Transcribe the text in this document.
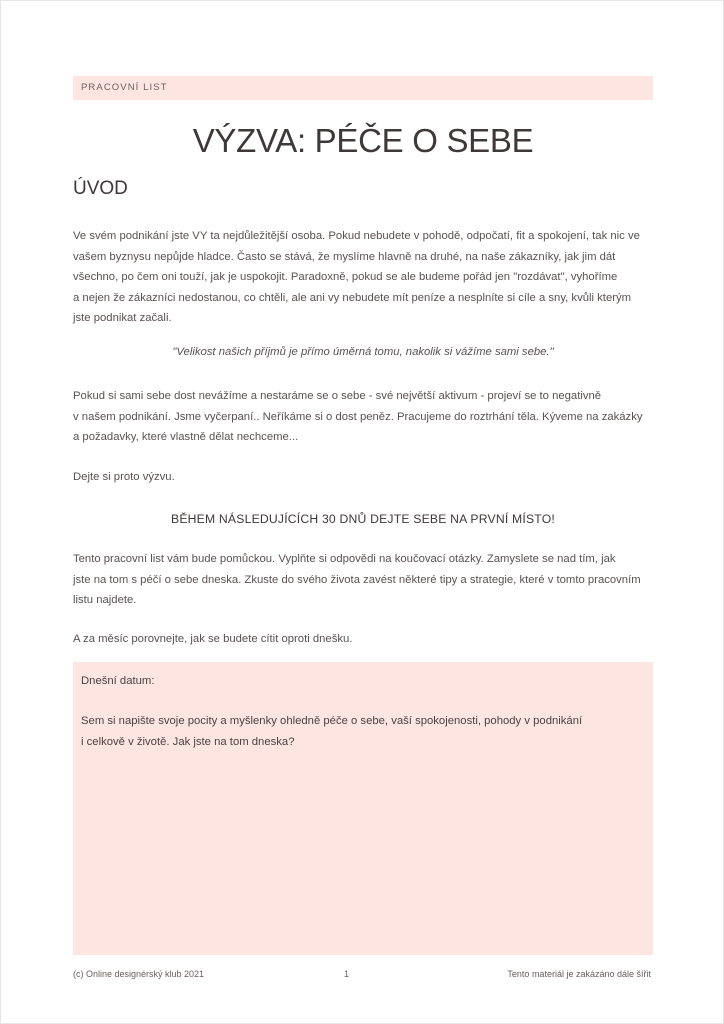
PRACOVNÍ LIST
VÝZVA: PÉČE O SEBE
ÚVOD
Ve svém podnikání jste VY ta nejdůležitější osoba. Pokud nebudete v pohodě, odpočatí, fit a spokojení, tak nic ve
vašem byznysu nepůjde hladce. Často se stává, že myslíme hlavně na druhé, na naše zákazníky, jak jim dát
všechno, po čem oni touží, jak je uspokojit. Paradoxně, pokud se ale budeme pořád jen "rozdávat", vyhoříme
a nejen že zákazníci nedostanou, co chtěli, ale ani vy nebudete mít peníze a nesplníte si cíle a sny, kvůli kterým
jste podnikat začali.
"Velikost našich příjmů je přímo úměrná tomu, nakolik si vážíme sami sebe."
Pokud si sami sebe dost nevážíme a nestaráme se o sebe - své největší aktivum - projeví se to negativně
v našem podnikání. Jsme vyčerpaní.. Neříkáme si o dost peněz. Pracujeme do roztrhání těla. Kýveme na zakázky
a požadavky, které vlastně dělat nechceme...
Dejte si proto výzvu.
BĚHEM NÁSLEDUJÍCÍCH 30 DNŮ DEJTE SEBE NA PRVNÍ MÍSTO!
Tento pracovní list vám bude pomůckou. Vyplňte si odpovědi na koučovací otázky. Zamyslete se nad tím, jak
jste na tom s péčí o sebe dneska. Zkuste do svého života zavést některé tipy a strategie, které v tomto pracovním
listu najdete.
A za měsíc porovnejte, jak se budete cítit oproti dnešku.
Dnešní datum:
Sem si napište svoje pocity a myšlenky ohledně péče o sebe, vaší spokojenosti, pohody v podnikání
i celkově v životě. Jak jste na tom dneska?
(c) Online designérský klub 2021	1	Tento materiál je zakázáno dále šířit
